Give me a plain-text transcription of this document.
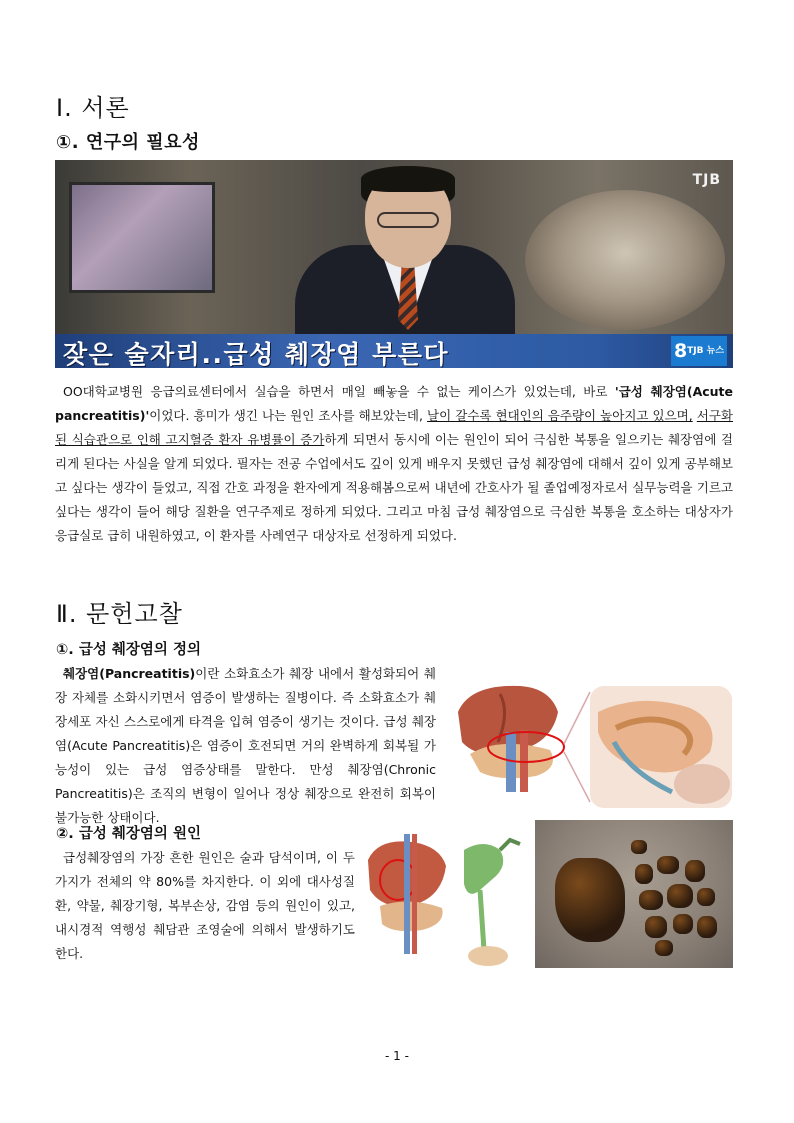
Ⅰ. 서론
①. 연구의 필요성
TJB
잦은 술자리..급성 췌장염 부른다	$8^{TJB 뉴스}$
OO대학교병원 응급의료센터에서 실습을 하면서 매일 빼놓을 수 없는 케이스가 있었는데, 바로 '급성 췌장염(Acute pancreatitis)'이었다. 흥미가 생긴 나는 원인 조사를 해보았는데, 날이 갈수록 현대인의 음주량이 높아지고 있으며, 서구화된 식습관으로 인해 고지혈증 환자 유병률이 증가하게 되면서 동시에 이는 원인이 되어 극심한 복통을 일으키는 췌장염에 걸리게 된다는 사실을 알게 되었다. 필자는 전공 수업에서도 깊이 있게 배우지 못했던 급성 췌장염에 대해서 깊이 있게 공부해보고 싶다는 생각이 들었고, 직접 간호 과정을 환자에게 적용해봄으로써 내년에 간호사가 될 졸업예정자로서 실무능력을 기르고 싶다는 생각이 들어 해당 질환을 연구주제로 정하게 되었다. 그리고 마침 급성 췌장염으로 극심한 복통을 호소하는 대상자가 응급실로 급히 내원하였고, 이 환자를 사례연구 대상자로 선정하게 되었다.
Ⅱ. 문헌고찰
①. 급성 췌장염의 정의
췌장염(Pancreatitis)이란 소화효소가 췌장 내에서 활성화되어 췌장 자체를 소화시키면서 염증이 발생하는 질병이다. 즉 소화효소가 췌장세포 자신 스스로에게 타격을 입혀 염증이 생기는 것이다. 급성 췌장염(Acute Pancreatitis)은 염증이 호전되면 거의 완벽하게 회복될 가능성이 있는 급성 염증상태를 말한다. 만성 췌장염(Chronic Pancreatitis)은 조직의 변형이 일어나 정상 췌장으로 완전히 회복이 불가능한 상태이다.
②. 급성 췌장염의 원인
급성췌장염의 가장 흔한 원인은 술과 담석이며, 이 두 가지가 전체의 약 80%를 차지한다. 이 외에 대사성질환, 약물, 췌장기형, 복부손상, 감염 등의 원인이 있고, 내시경적 역행성 췌담관 조영술에 의해서 발생하기도 한다.
- 1 -
